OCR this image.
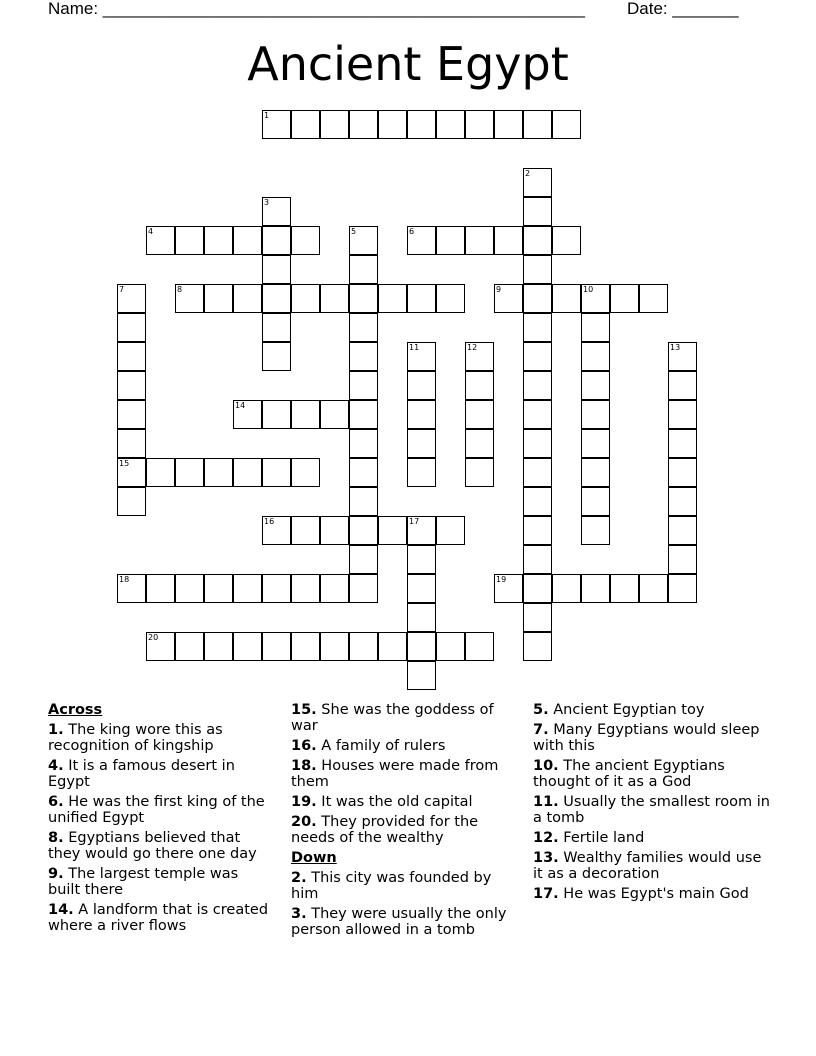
Name: ___________________________________________________ Date: _______
Ancient Egypt
1
2
3
4	5	6
7
15
8	9	10
11	12	13
14
16	17
18	19
20
Across
1. The king wore this as recognition of kingship
4. It is a famous desert in Egypt
6. He was the first king of the unified Egypt
8. Egyptians believed that they would go there one day
9. The largest temple was built there
14. A landform that is created where a river flows
15. She was the goddess of war
16. A family of rulers
18. Houses were made from them
19. It was the old capital
20. They provided for the needs of the wealthy
Down
2. This city was founded by him
3. They were usually the only person allowed in a tomb
5. Ancient Egyptian toy
7. Many Egyptians would sleep with this
10. The ancient Egyptians thought of it as a God
11. Usually the smallest room in a tomb
12. Fertile land
13. Wealthy families would use it as a decoration
17. He was Egypt's main God
